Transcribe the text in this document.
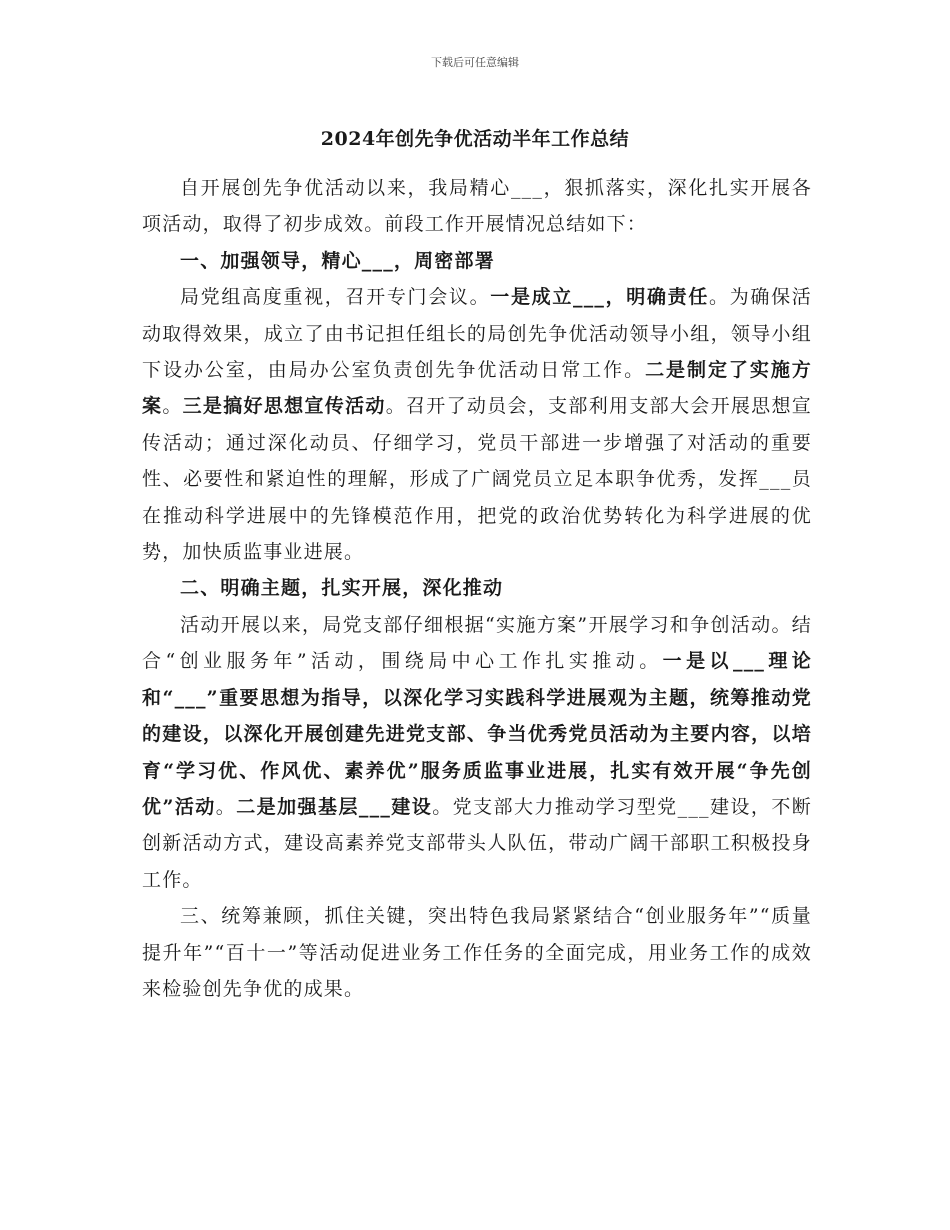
下载后可任意编辑
2024年创先争优活动半年工作总结

自开展创先争优活动以来，我局精心___，狠抓落实，深化扎实开展各项活动，取得了初步成效。前段工作开展情况总结如下：

一、加强领导，精心___，周密部署

局党组高度重视，召开专门会议。一是成立___，明确责任。为确保活动取得效果，成立了由书记担任组长的局创先争优活动领导小组，领导小组下设办公室，由局办公室负责创先争优活动日常工作。二是制定了实施方案。三是搞好思想宣传活动。召开了动员会，支部利用支部大会开展思想宣传活动；通过深化动员、仔细学习，党员干部进一步增强了对活动的重要性、必要性和紧迫性的理解，形成了广阔党员立足本职争优秀，发挥___员在推动科学进展中的先锋模范作用，把党的政治优势转化为科学进展的优势，加快质监事业进展。

二、明确主题，扎实开展，深化推动

活动开展以来，局党支部仔细根据“实施方案”开展学习和争创活动。结合“创业服务年”活动，围绕局中心工作扎实推动。一是以___理论和“___”重要思想为指导，以深化学习实践科学进展观为主题，统筹推动党的建设，以深化开展创建先进党支部、争当优秀党员活动为主要内容，以培育“学习优、作风优、素养优”服务质监事业进展，扎实有效开展“争先创优”活动。二是加强基层___建设。党支部大力推动学习型党___建设，不断创新活动方式，建设高素养党支部带头人队伍，带动广阔干部职工积极投身工作。

三、统筹兼顾，抓住关键，突出特色我局紧紧结合“创业服务年”“质量提升年”“百十一”等活动促进业务工作任务的全面完成，用业务工作的成效来检验创先争优的成果。
